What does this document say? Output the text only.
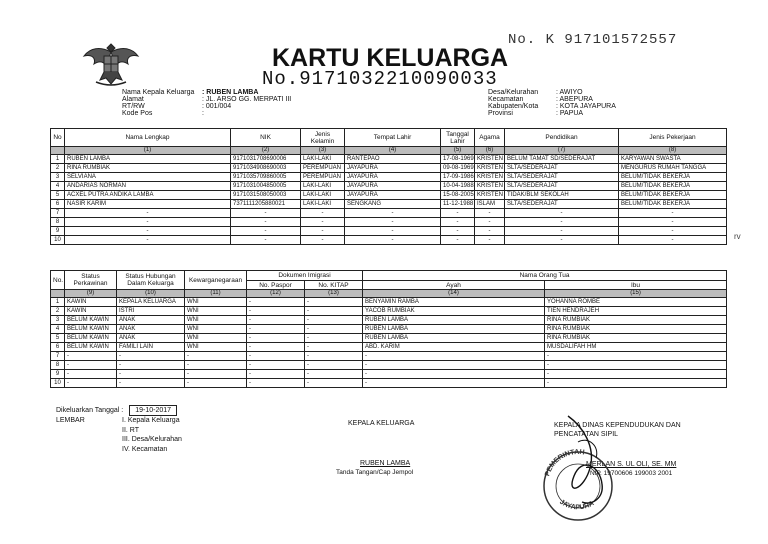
No. K 917101572557
KARTU KELUARGA
No.9171032210090033
Nama Kepala Keluarga : RUBEN LAMBA
Alamat	: JL. ARSO GG. MERPATI III
RT/RW	: 001/004
Kode Pos	:
Desa/Kelurahan	: AWIYO
Kecamatan	: ABEPURA
Kabupaten/Kota	: KOTA JAYAPURA
Provinsi	: PAPUA
No	Nama Lengkap	NIK	Jenis Kelamin	Tempat Lahir	Tanggal Lahir	Agama	Pendidikan	Jenis Pekerjaan
	(1)	(2)	(3)	(4)	(5)	(6)	(7)	(8)
1	RUBEN LAMBA	9171031708690006	LAKI-LAKI	RANTEPAO	17-08-1969	KRISTEN	BELUM TAMAT SD/SEDERAJAT	KARYAWAN SWASTA
2	RINA RUMBIAK	9171034908690003	PEREMPUAN	JAYAPURA	09-08-1969	KRISTEN	SLTA/SEDERAJAT	MENGURUS RUMAH TANGGA
3	SELVIANA	9171035709860005	PEREMPUAN	JAYAPURA	17-09-1986	KRISTEN	SLTA/SEDERAJAT	BELUM/TIDAK BEKERJA
4	ANDARIAS NORMAN	9171031004850005	LAKI-LAKI	JAYAPURA	10-04-1988	KRISTEN	SLTA/SEDERAJAT	BELUM/TIDAK BEKERJA
5	ACXEL PUTRA ANDIKA LAMBA	9171031508050003	LAKI-LAKI	JAYAPURA	15-08-2005	KRISTEN	TIDAK/BLM SEKOLAH	BELUM/TIDAK BEKERJA
6	NASIR KARIM	7371111205880021	LAKI-LAKI	SENGKANG	11-12-1988	ISLAM	SLTA/SEDERAJAT	BELUM/TIDAK BEKERJA
7	-	-	-	-	-	-	-	-
8	-	-	-	-	-	-	-	-
9	-	-	-	-	-	-	-	-
10	-	-	-	-	-	-	-	-
No.	Status Perkawinan	Status Hubungan Dalam Keluarga	Kewarganegaraan	Dokumen Imigrasi		Nama Orang Tua	
				No. Paspor	No. KITAP	Ayah	Ibu
	(9)	(10)	(11)	(12)	(13)	(14)	(15)
1	KAWIN	KEPALA KELUARGA	WNI	-	-	BENYAMIN RAMBA	YOHANNA ROMBE
2	KAWIN	ISTRI	WNI	-	-	YACOB RUMBIAK	TIEN HENDRAJEH
3	BELUM KAWIN	ANAK	WNI	-	-	RUBEN LAMBA	RINA RUMBIAK
4	BELUM KAWIN	ANAK	WNI	-	-	RUBEN LAMBA	RINA RUMBIAK
5	BELUM KAWIN	ANAK	WNI	-	-	RUBEN LAMBA	RINA RUMBIAK
6	BELUM KAWIN	FAMILI LAIN	WNI	-	-	ABD. KARIM	MUSDALIFAH HM
7	-	-	-	-	-	-	-
8	-	-	-	-	-	-	-
9	-	-	-	-	-	-	-
10	-	-	-	-	-	-	-
Dikeluarkan Tanggal : 19-10-2017
LEMBAR	I. Kepala Keluarga
II. RT
III. Desa/Kelurahan
IV. Kecamatan
KEPALA KELUARGA
RUBEN LAMBA
Tanda Tangan/Cap Jempol
KEPALA DINAS KEPENDUDUKAN DAN PENCATATAN SIPIL
MERLAN S. UL OLI, SE. MM
NIP. 19700606 199003 2001
PEMERINTAH
JAYAPURA
rv
